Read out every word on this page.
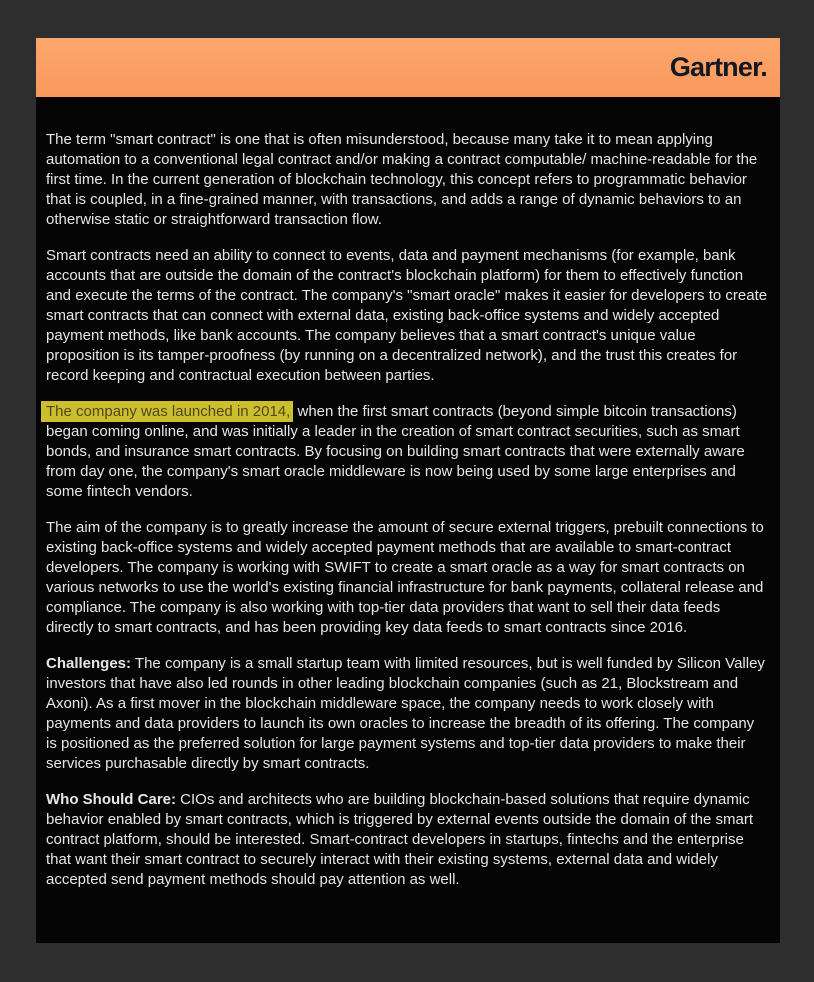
Gartner.

The term "smart contract" is one that is often misunderstood, because many take it to mean applying automation to a conventional legal contract and/or making a contract computable/ machine-readable for the first time. In the current generation of blockchain technology, this concept refers to programmatic behavior that is coupled, in a fine-grained manner, with transactions, and adds a range of dynamic behaviors to an otherwise static or straightforward transaction flow.

Smart contracts need an ability to connect to events, data and payment mechanisms (for example, bank accounts that are outside the domain of the contract's blockchain platform) for them to effectively function and execute the terms of the contract. The company's "smart oracle" makes it easier for developers to create smart contracts that can connect with external data, existing back-office systems and widely accepted payment methods, like bank accounts. The company believes that a smart contract's unique value proposition is its tamper-proofness (by running on a decentralized network), and the trust this creates for record keeping and contractual execution between parties.

The company was launched in 2014, when the first smart contracts (beyond simple bitcoin transactions) began coming online, and was initially a leader in the creation of smart contract securities, such as smart bonds, and insurance smart contracts. By focusing on building smart contracts that were externally aware from day one, the company's smart oracle middleware is now being used by some large enterprises and some fintech vendors.

The aim of the company is to greatly increase the amount of secure external triggers, prebuilt connections to existing back-office systems and widely accepted payment methods that are available to smart-contract developers. The company is working with SWIFT to create a smart oracle as a way for smart contracts on various networks to use the world's existing financial infrastructure for bank payments, collateral release and compliance. The company is also working with top-tier data providers that want to sell their data feeds directly to smart contracts, and has been providing key data feeds to smart contracts since 2016.

Challenges: The company is a small startup team with limited resources, but is well funded by Silicon Valley investors that have also led rounds in other leading blockchain companies (such as 21, Blockstream and Axoni). As a first mover in the blockchain middleware space, the company needs to work closely with payments and data providers to launch its own oracles to increase the breadth of its offering. The company is positioned as the preferred solution for large payment systems and top-tier data providers to make their services purchasable directly by smart contracts.

Who Should Care: CIOs and architects who are building blockchain-based solutions that require dynamic behavior enabled by smart contracts, which is triggered by external events outside the domain of the smart contract platform, should be interested. Smart-contract developers in startups, fintechs and the enterprise that want their smart contract to securely interact with their existing systems, external data and widely accepted send payment methods should pay attention as well.
